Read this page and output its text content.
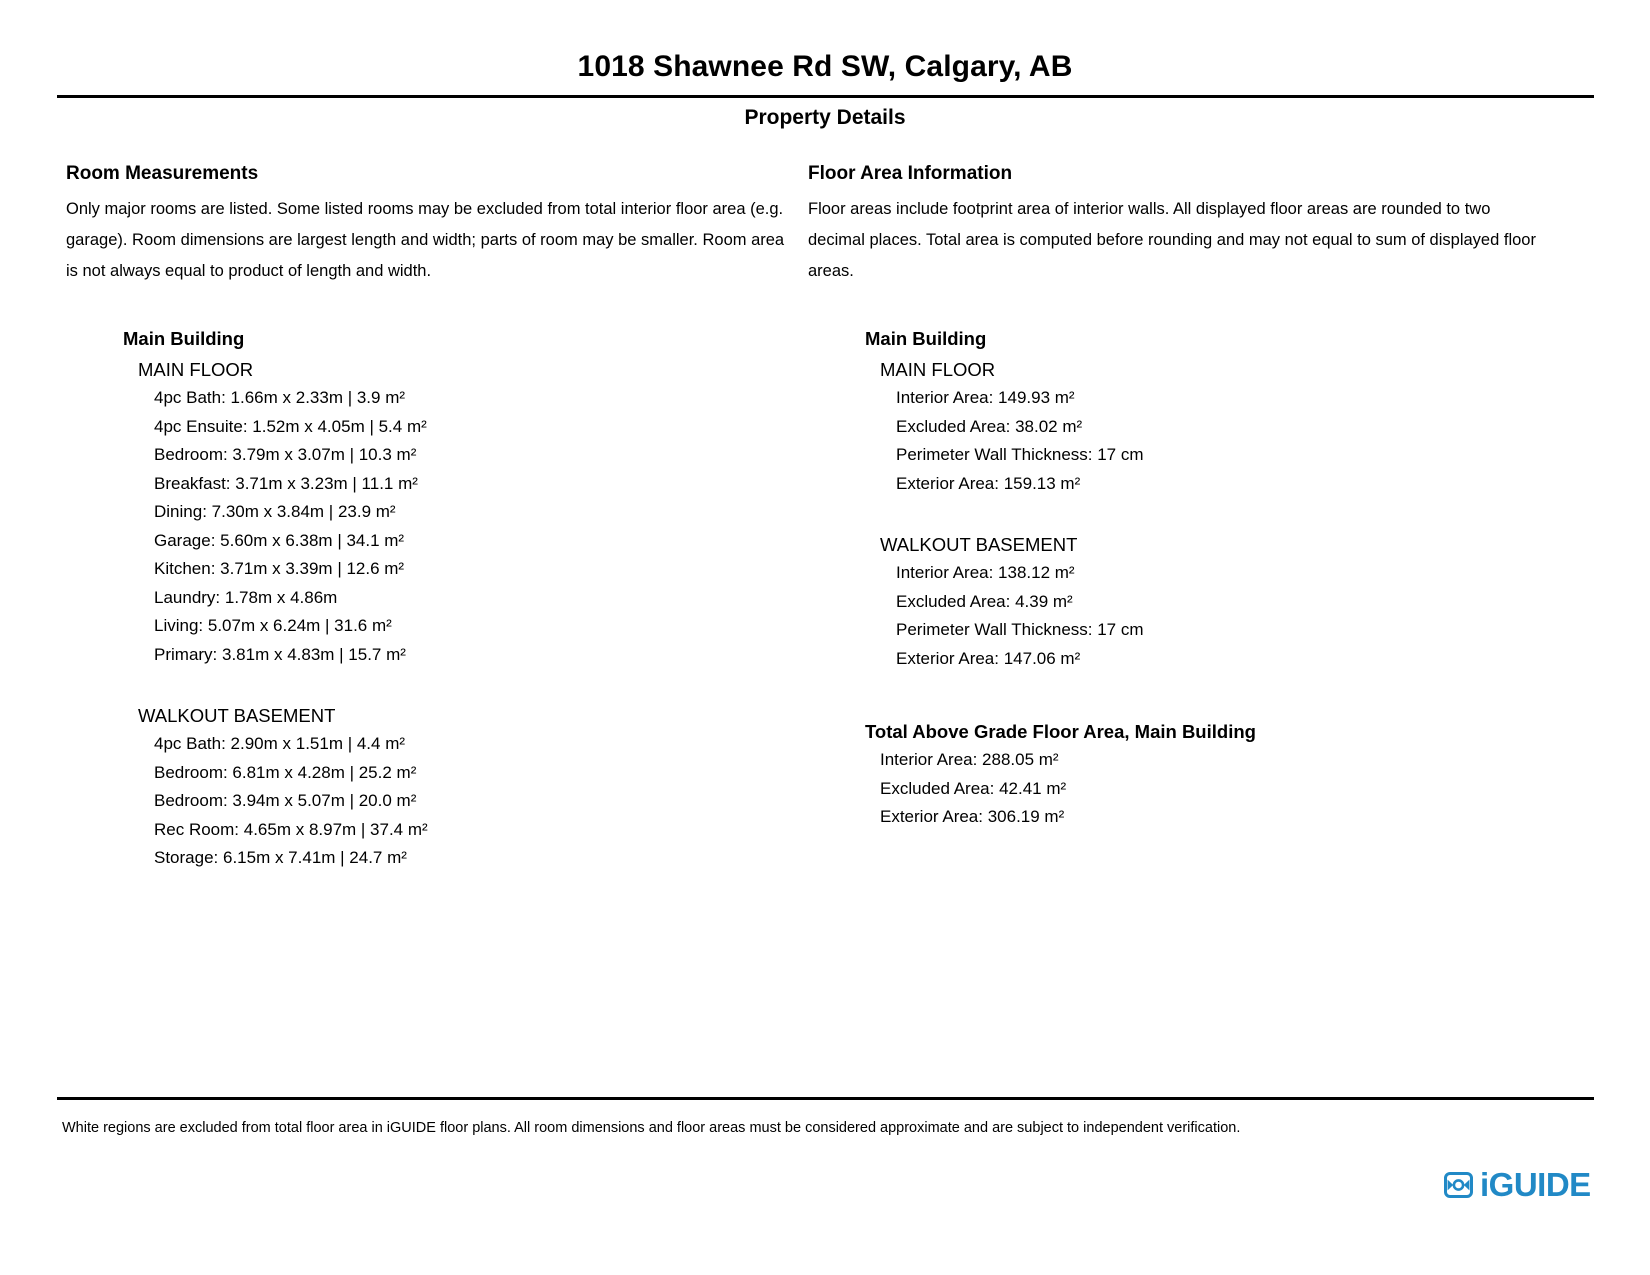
1018 Shawnee Rd SW, Calgary, AB
Property Details
Room Measurements

Only major rooms are listed. Some listed rooms may be excluded from total interior floor area (e.g. garage). Room dimensions are largest length and width; parts of room may be smaller. Room area is not always equal to product of length and width.

Main Building
MAIN FLOOR
4pc Bath: 1.66m x 2.33m | 3.9 m²
4pc Ensuite: 1.52m x 4.05m | 5.4 m²
Bedroom: 3.79m x 3.07m | 10.3 m²
Breakfast: 3.71m x 3.23m | 11.1 m²
Dining: 7.30m x 3.84m | 23.9 m²
Garage: 5.60m x 6.38m | 34.1 m²
Kitchen: 3.71m x 3.39m | 12.6 m²
Laundry: 1.78m x 4.86m
Living: 5.07m x 6.24m | 31.6 m²
Primary: 3.81m x 4.83m | 15.7 m²
WALKOUT BASEMENT
4pc Bath: 2.90m x 1.51m | 4.4 m²
Bedroom: 6.81m x 4.28m | 25.2 m²
Bedroom: 3.94m x 5.07m | 20.0 m²
Rec Room: 4.65m x 8.97m | 37.4 m²
Storage: 6.15m x 7.41m | 24.7 m²
Floor Area Information

Floor areas include footprint area of interior walls. All displayed floor areas are rounded to two decimal places. Total area is computed before rounding and may not equal to sum of displayed floor areas.

Main Building
MAIN FLOOR
Interior Area: 149.93 m²
Excluded Area: 38.02 m²
Perimeter Wall Thickness: 17 cm
Exterior Area: 159.13 m²
WALKOUT BASEMENT
Interior Area: 138.12 m²
Excluded Area: 4.39 m²
Perimeter Wall Thickness: 17 cm
Exterior Area: 147.06 m²
Total Above Grade Floor Area, Main Building
Interior Area: 288.05 m²
Excluded Area: 42.41 m²
Exterior Area: 306.19 m²
White regions are excluded from total floor area in iGUIDE floor plans. All room dimensions and floor areas must be considered approximate and are subject to independent verification.
iGUIDE
